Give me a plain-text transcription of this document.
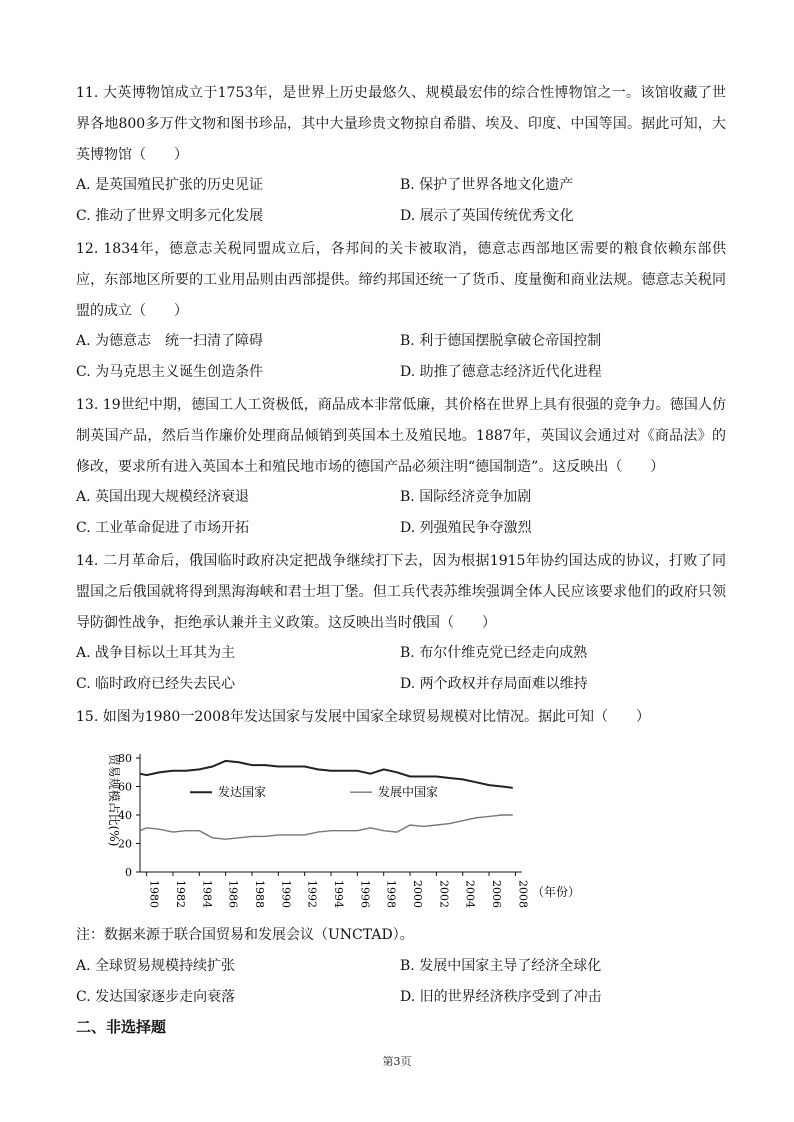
11. 大英博物馆成立于1753年，是世界上历史最悠久、规模最宏伟的综合性博物馆之一。该馆收藏了世界各地800多万件文物和图书珍品，其中大量珍贵文物掠自希腊、埃及、印度、中国等国。据此可知，大英博物馆（　　）
A. 是英国殖民扩张的历史见证	B. 保护了世界各地文化遗产
C. 推动了世界文明多元化发展	D. 展示了英国传统优秀文化
12. 1834年，德意志关税同盟成立后，各邦间的关卡被取消，德意志西部地区需要的粮食依赖东部供应，东部地区所要的工业用品则由西部提供。缔约邦国还统一了货币、度量衡和商业法规。德意志关税同盟的成立（　　）
A. 为德意志　统一扫清了障碍	B. 利于德国摆脱拿破仑帝国控制
C. 为马克思主义诞生创造条件	D. 助推了德意志经济近代化进程
13. 19世纪中期，德国工人工资极低，商品成本非常低廉，其价格在世界上具有很强的竞争力。德国人仿制英国产品，然后当作廉价处理商品倾销到英国本土及殖民地。1887年，英国议会通过对《商品法》的修改，要求所有进入英国本土和殖民地市场的德国产品必须注明“德国制造”。这反映出（　　）
A. 英国出现大规模经济衰退	B. 国际经济竞争加剧
C. 工业革命促进了市场开拓	D. 列强殖民争夺激烈
14. 二月革命后，俄国临时政府决定把战争继续打下去，因为根据1915年协约国达成的协议，打败了同盟国之后俄国就将得到黑海海峡和君士坦丁堡。但工兵代表苏维埃强调全体人民应该要求他们的政府只领导防御性战争，拒绝承认兼并主义政策。这反映出当时俄国（　　）
A. 战争目标以土耳其为主	B. 布尔什维克党已经走向成熟
C. 临时政府已经失去民心	D. 两个政权并存局面难以维持
15. 如图为1980一2008年发达国家与发展中国家全球贸易规模对比情况。据此可知（　　）
贸易规模占比(%)
0
20
40
60
80
1980 1982 1984 1986 1988 1990 1992 1994 1996 1998 2000 2002 2004 2006 2008 （年份）
发达国家	发展中国家
A. 全球贸易规模持续扩张	B. 发展中国家主导了经济全球化
C. 发达国家逐步走向衰落	D. 旧的世界经济秩序受到了冲击
注：数据来源于联合国贸易和发展会议（UNCTAD）。
二、非选择题
第3页
